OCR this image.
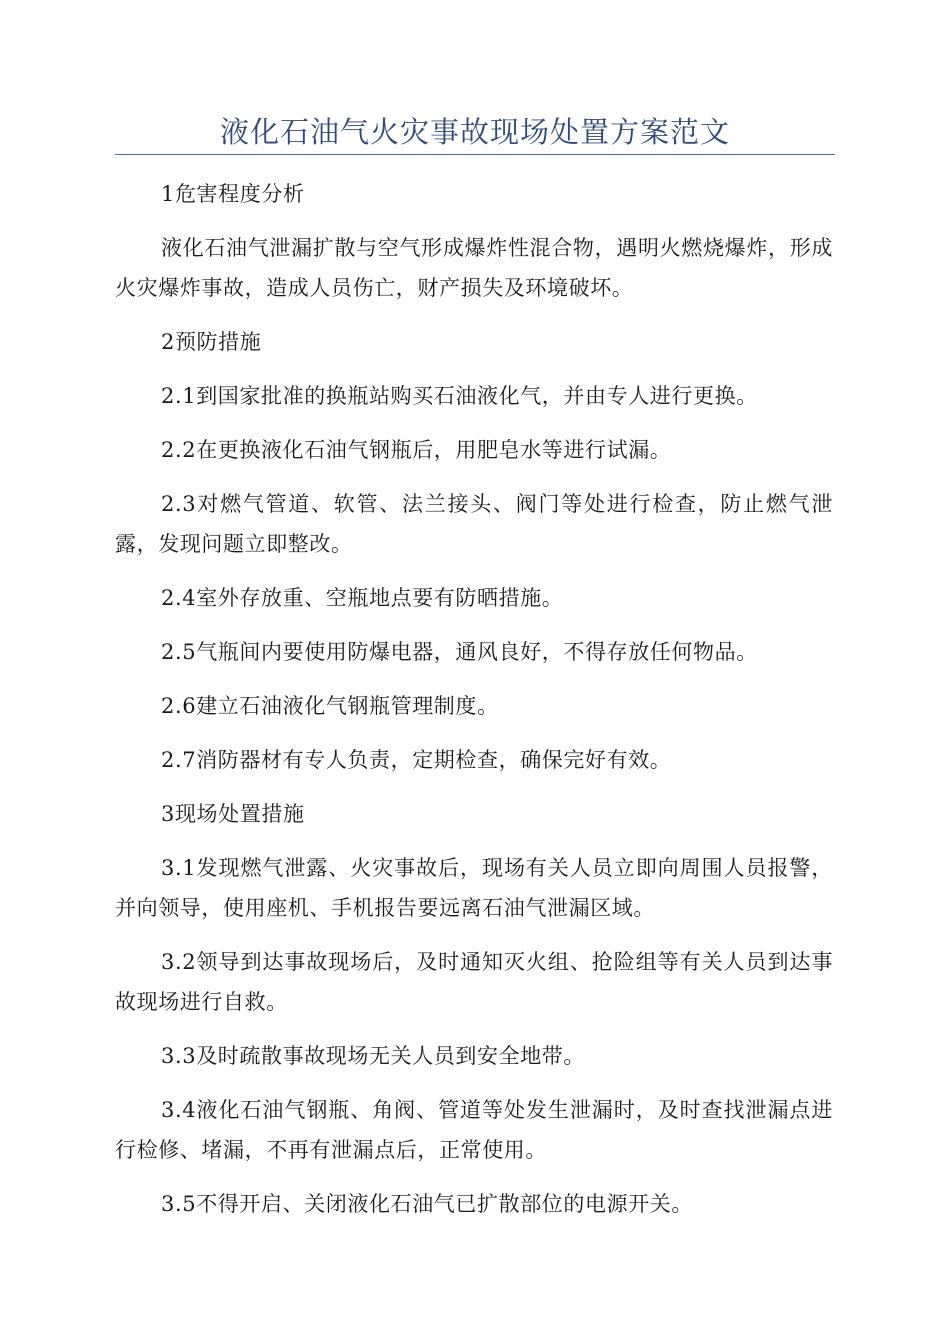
液化石油气火灾事故现场处置方案范文

1危害程度分析

液化石油气泄漏扩散与空气形成爆炸性混合物，遇明火燃烧爆炸，形成火灾爆炸事故，造成人员伤亡，财产损失及环境破坏。

2预防措施

2.1到国家批准的换瓶站购买石油液化气，并由专人进行更换。

2.2在更换液化石油气钢瓶后，用肥皂水等进行试漏。

2.3对燃气管道、软管、法兰接头、阀门等处进行检查，防止燃气泄露，发现问题立即整改。

2.4室外存放重、空瓶地点要有防晒措施。

2.5气瓶间内要使用防爆电器，通风良好，不得存放任何物品。

2.6建立石油液化气钢瓶管理制度。

2.7消防器材有专人负责，定期检查，确保完好有效。

3现场处置措施

3.1发现燃气泄露、火灾事故后，现场有关人员立即向周围人员报警，并向领导，使用座机、手机报告要远离石油气泄漏区域。

3.2领导到达事故现场后，及时通知灭火组、抢险组等有关人员到达事故现场进行自救。

3.3及时疏散事故现场无关人员到安全地带。

3.4液化石油气钢瓶、角阀、管道等处发生泄漏时，及时查找泄漏点进行检修、堵漏，不再有泄漏点后，正常使用。

3.5不得开启、关闭液化石油气已扩散部位的电源开关。
